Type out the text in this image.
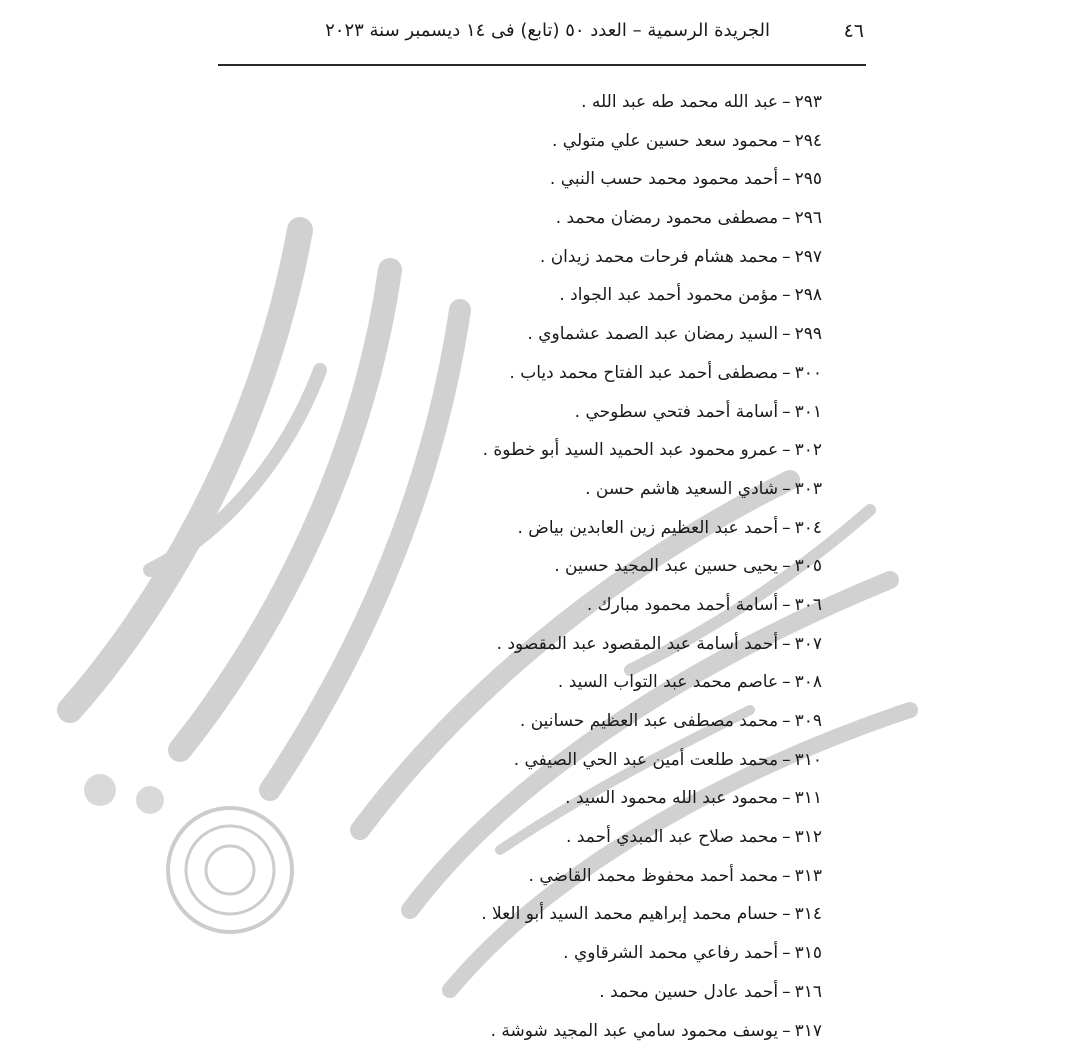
٤٦
الجريدة الرسمية – العدد ٥٠ (تابع) فى ١٤ ديسمبر سنة ٢٠٢٣
٢٩٣–عبد الله محمد طه عبد الله .
٢٩٤–محمود سعد حسين علي متولي .
٢٩٥–أحمد محمود محمد حسب النبي .
٢٩٦–مصطفى محمود رمضان محمد .
٢٩٧–محمد هشام فرحات محمد زيدان .
٢٩٨–مؤمن محمود أحمد عبد الجواد .
٢٩٩–السيد رمضان عبد الصمد عشماوي .
٣٠٠–مصطفى أحمد عبد الفتاح محمد دياب .
٣٠١–أسامة أحمد فتحي سطوحي .
٣٠٢–عمرو محمود عبد الحميد السيد أبو خطوة .
٣٠٣–شادي السعيد هاشم حسن .
٣٠٤–أحمد عبد العظيم زين العابدين بياض .
٣٠٥–يحيى حسين عبد المجيد حسين .
٣٠٦–أسامة أحمد محمود مبارك .
٣٠٧–أحمد أسامة عبد المقصود عبد المقصود .
٣٠٨–عاصم محمد عبد التواب السيد .
٣٠٩–محمد مصطفى عبد العظيم حسانين .
٣١٠–محمد طلعت أمين عبد الحي الصيفي .
٣١١–محمود عبد الله محمود السيد .
٣١٢–محمد صلاح عبد المبدي أحمد .
٣١٣–محمد أحمد محفوظ محمد القاضي .
٣١٤–حسام محمد إبراهيم محمد السيد أبو العلا .
٣١٥–أحمد رفاعي محمد الشرقاوي .
٣١٦–أحمد عادل حسين محمد .
٣١٧–يوسف محمود سامي عبد المجيد شوشة .
